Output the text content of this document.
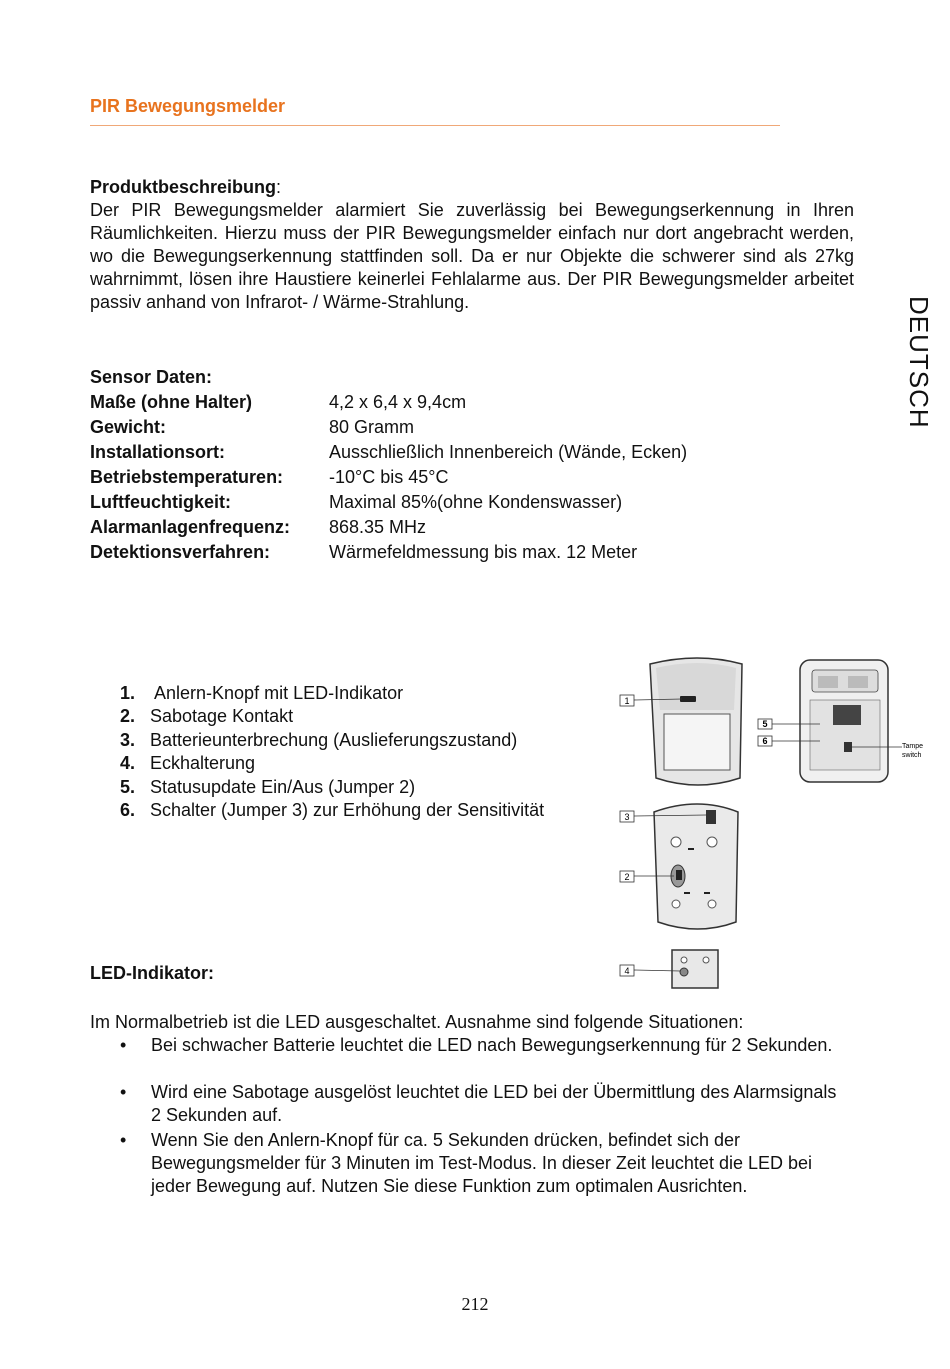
PIR Bewegungsmelder
DEUTSCH
Produktbeschreibung:
Der PIR Bewegungsmelder alarmiert Sie zuverlässig bei Bewegungserkennung in Ihren Räumlichkeiten. Hierzu muss der PIR Bewegungsmelder einfach nur dort angebracht werden, wo die Bewegungserkennung stattfinden soll. Da er nur Objekte die schwerer sind als 27kg wahrnimmt, lösen ihre Haustiere keinerlei Fehlalarme aus. Der PIR Bewegungsmelder arbeitet passiv anhand von Infrarot- / Wärme-Strahlung.
Sensor Daten:
Maße (ohne Halter)	4,2 x 6,4 x 9,4cm
Gewicht:	80 Gramm
Installationsort:	Ausschließlich Innenbereich (Wände, Ecken)
Betriebstemperaturen:	-10°C bis 45°C
Luftfeuchtigkeit:	Maximal 85%(ohne Kondenswasser)
Alarmanlagenfrequenz: 868.35 MHz
Detektionsverfahren:	Wärmefeldmessung bis max. 12 Meter
1. Anlern-Knopf mit LED-Indikator
2. Sabotage Kontakt
3. Batterieunterbrechung (Auslieferungszustand)
4. Eckhalterung
5. Statusupdate Ein/Aus (Jumper 2)
6. Schalter (Jumper 3) zur Erhöhung der Sensitivität
1
5
6
Tampe
switch
3
2
4
LED-Indikator:
Im Normalbetrieb ist die LED ausgeschaltet. Ausnahme sind folgende Situationen:
• Bei schwacher Batterie leuchtet die LED nach Bewegungserkennung für 2 Sekunden.
• Wird eine Sabotage ausgelöst leuchtet die LED bei der Übermittlung des Alarmsignals 2 Sekunden auf.
• Wenn Sie den Anlern-Knopf für ca. 5 Sekunden drücken, befindet sich der Bewegungsmelder für 3 Minuten im Test-Modus. In dieser Zeit leuchtet die LED bei jeder Bewegung auf. Nutzen Sie diese Funktion zum optimalen Ausrichten.
212
